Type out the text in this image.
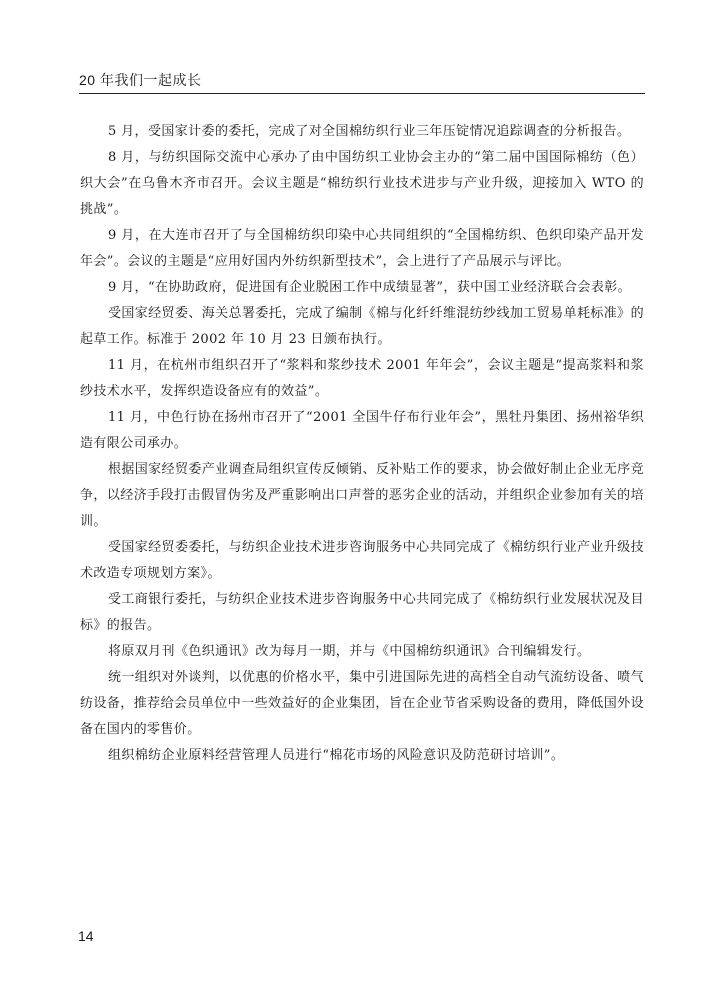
20 年我们一起成长

5 月，受国家计委的委托，完成了对全国棉纺织行业三年压锭情况追踪调查的分析报告。

8 月，与纺织国际交流中心承办了由中国纺织工业协会主办的“第二届中国国际棉纺（色）织大会”在乌鲁木齐市召开。会议主题是“棉纺织行业技术进步与产业升级，迎接加入 WTO 的挑战”。

9 月，在大连市召开了与全国棉纺织印染中心共同组织的“全国棉纺织、色织印染产品开发年会”。会议的主题是“应用好国内外纺织新型技术”，会上进行了产品展示与评比。

9 月，“在协助政府，促进国有企业脱困工作中成绩显著”，获中国工业经济联合会表彰。

受国家经贸委、海关总署委托，完成了编制《棉与化纤纤维混纺纱线加工贸易单耗标准》的起草工作。标准于 2002 年 10 月 23 日颁布执行。

11 月，在杭州市组织召开了“浆料和浆纱技术 2001 年年会”，会议主题是“提高浆料和浆纱技术水平，发挥织造设备应有的效益”。

11 月，中色行协在扬州市召开了“2001 全国牛仔布行业年会”，黑牡丹集团、扬州裕华织造有限公司承办。

根据国家经贸委产业调查局组织宣传反倾销、反补贴工作的要求，协会做好制止企业无序竞争，以经济手段打击假冒伪劣及严重影响出口声誉的恶劣企业的活动，并组织企业参加有关的培训。

受国家经贸委委托，与纺织企业技术进步咨询服务中心共同完成了《棉纺织行业产业升级技术改造专项规划方案》。

受工商银行委托，与纺织企业技术进步咨询服务中心共同完成了《棉纺织行业发展状况及目标》的报告。

将原双月刊《色织通讯》改为每月一期，并与《中国棉纺织通讯》合刊编辑发行。

统一组织对外谈判，以优惠的价格水平，集中引进国际先进的高档全自动气流纺设备、喷气纺设备，推荐给会员单位中一些效益好的企业集团，旨在企业节省采购设备的费用，降低国外设备在国内的零售价。

组织棉纺企业原料经营管理人员进行“棉花市场的风险意识及防范研讨培训”。

14
